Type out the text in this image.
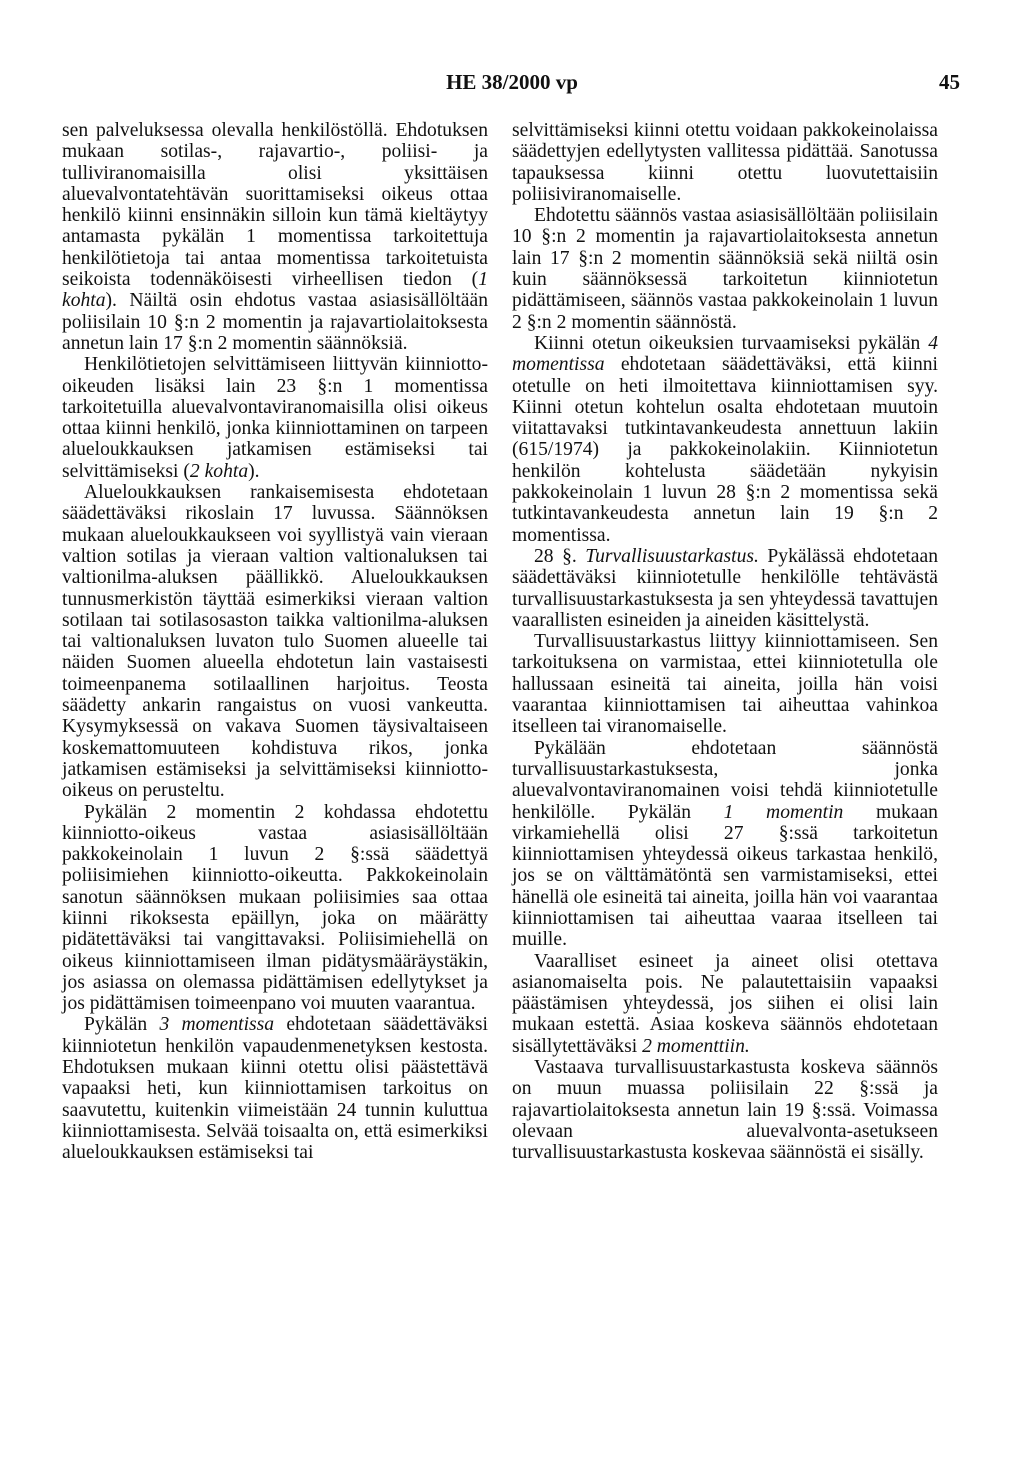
HE 38/2000 vp	45

sen palveluksessa olevalla henkilöstöllä. Ehdotuksen mukaan sotilas-, rajavartio-, poliisi- ja tulliviranomaisilla olisi yksittäisen aluevalvontatehtävän suorittamiseksi oikeus ottaa henkilö kiinni ensinnäkin silloin kun tämä kieltäytyy antamasta pykälän 1 momentissa tarkoitettuja henkilötietoja tai antaa momentissa tarkoitetuista seikoista todennäköisesti virheellisen tiedon (1 kohta). Näiltä osin ehdotus vastaa asiasisällöltään poliisilain 10 §:n 2 momentin ja rajavartiolaitoksesta annetun lain 17 §:n 2 momentin säännöksiä.

Henkilötietojen selvittämiseen liittyvän kiinniotto-oikeuden lisäksi lain 23 §:n 1 momentissa tarkoitetuilla aluevalvontaviranomaisilla olisi oikeus ottaa kiinni henkilö, jonka kiinniottaminen on tarpeen alueloukkauksen jatkamisen estämiseksi tai selvittämiseksi (2 kohta).

Alueloukkauksen rankaisemisesta ehdotetaan säädettäväksi rikoslain 17 luvussa. Säännöksen mukaan alueloukkaukseen voi syyllistyä vain vieraan valtion sotilas ja vieraan valtion valtionaluksen tai valtionilma-aluksen päällikkö. Alueloukkauksen tunnusmerkistön täyttää esimerkiksi vieraan valtion sotilaan tai sotilasosaston taikka valtionilma-aluksen tai valtionaluksen luvaton tulo Suomen alueelle tai näiden Suomen alueella ehdotetun lain vastaisesti toimeenpanema sotilaallinen harjoitus. Teosta säädetty ankarin rangaistus on vuosi vankeutta. Kysymyksessä on vakava Suomen täysivaltaiseen koskemattomuuteen kohdistuva rikos, jonka jatkamisen estämiseksi ja selvittämiseksi kiinniotto-oikeus on perusteltu.

Pykälän 2 momentin 2 kohdassa ehdotettu kiinniotto-oikeus vastaa asiasisällöltään pakkokeinolain 1 luvun 2 §:ssä säädettyä poliisimiehen kiinniotto-oikeutta. Pakkokeinolain sanotun säännöksen mukaan poliisimies saa ottaa kiinni rikoksesta epäillyn, joka on määrätty pidätettäväksi tai vangittavaksi. Poliisimiehellä on oikeus kiinniottamiseen ilman pidätysmääräystäkin, jos asiassa on olemassa pidättämisen edellytykset ja jos pidättämisen toimeenpano voi muuten vaarantua.

Pykälän 3 momentissa ehdotetaan säädettäväksi kiinniotetun henkilön vapaudenmenetyksen kestosta. Ehdotuksen mukaan kiinni otettu olisi päästettävä vapaaksi heti, kun kiinniottamisen tarkoitus on saavutettu, kuitenkin viimeistään 24 tunnin kuluttua kiinniottamisesta. Selvää toisaalta on, että esimerkiksi alueloukkauksen estämiseksi tai

selvittämiseksi kiinni otettu voidaan pakkokeinolaissa säädettyjen edellytysten vallitessa pidättää. Sanotussa tapauksessa kiinni otettu luovutettaisiin poliisiviranomaiselle.

Ehdotettu säännös vastaa asiasisällöltään poliisilain 10 §:n 2 momentin ja rajavartiolaitoksesta annetun lain 17 §:n 2 momentin säännöksiä sekä niiltä osin kuin säännöksessä tarkoitetun kiinniotetun pidättämiseen, säännös vastaa pakkokeinolain 1 luvun 2 §:n 2 momentin säännöstä.

Kiinni otetun oikeuksien turvaamiseksi pykälän 4 momentissa ehdotetaan säädettäväksi, että kiinni otetulle on heti ilmoitettava kiinniottamisen syy. Kiinni otetun kohtelun osalta ehdotetaan muutoin viitattavaksi tutkintavankeudesta annettuun lakiin (615/1974) ja pakkokeinolakiin. Kiinniotetun henkilön kohtelusta säädetään nykyisin pakkokeinolain 1 luvun 28 §:n 2 momentissa sekä tutkintavankeudesta annetun lain 19 §:n 2 momentissa.

28 §. Turvallisuustarkastus. Pykälässä ehdotetaan säädettäväksi kiinniotetulle henkilölle tehtävästä turvallisuustarkastuksesta ja sen yhteydessä tavattujen vaarallisten esineiden ja aineiden käsittelystä.

Turvallisuustarkastus liittyy kiinniottamiseen. Sen tarkoituksena on varmistaa, ettei kiinniotetulla ole hallussaan esineitä tai aineita, joilla hän voisi vaarantaa kiinniottamisen tai aiheuttaa vahinkoa itselleen tai viranomaiselle.

Pykälään ehdotetaan säännöstä turvallisuustarkastuksesta, jonka aluevalvontaviranomainen voisi tehdä kiinniotetulle henkilölle. Pykälän 1 momentin mukaan virkamiehellä olisi 27 §:ssä tarkoitetun kiinniottamisen yhteydessä oikeus tarkastaa henkilö, jos se on välttämätöntä sen varmistamiseksi, ettei hänellä ole esineitä tai aineita, joilla hän voi vaarantaa kiinniottamisen tai aiheuttaa vaaraa itselleen tai muille.

Vaaralliset esineet ja aineet olisi otettava asianomaiselta pois. Ne palautettaisiin vapaaksi päästämisen yhteydessä, jos siihen ei olisi lain mukaan estettä. Asiaa koskeva säännös ehdotetaan sisällytettäväksi 2 momenttiin.

Vastaava turvallisuustarkastusta koskeva säännös on muun muassa poliisilain 22 §:ssä ja rajavartiolaitoksesta annetun lain 19 §:ssä. Voimassa olevaan aluevalvonta-asetukseen turvallisuustarkastusta koskevaa säännöstä ei sisälly.
